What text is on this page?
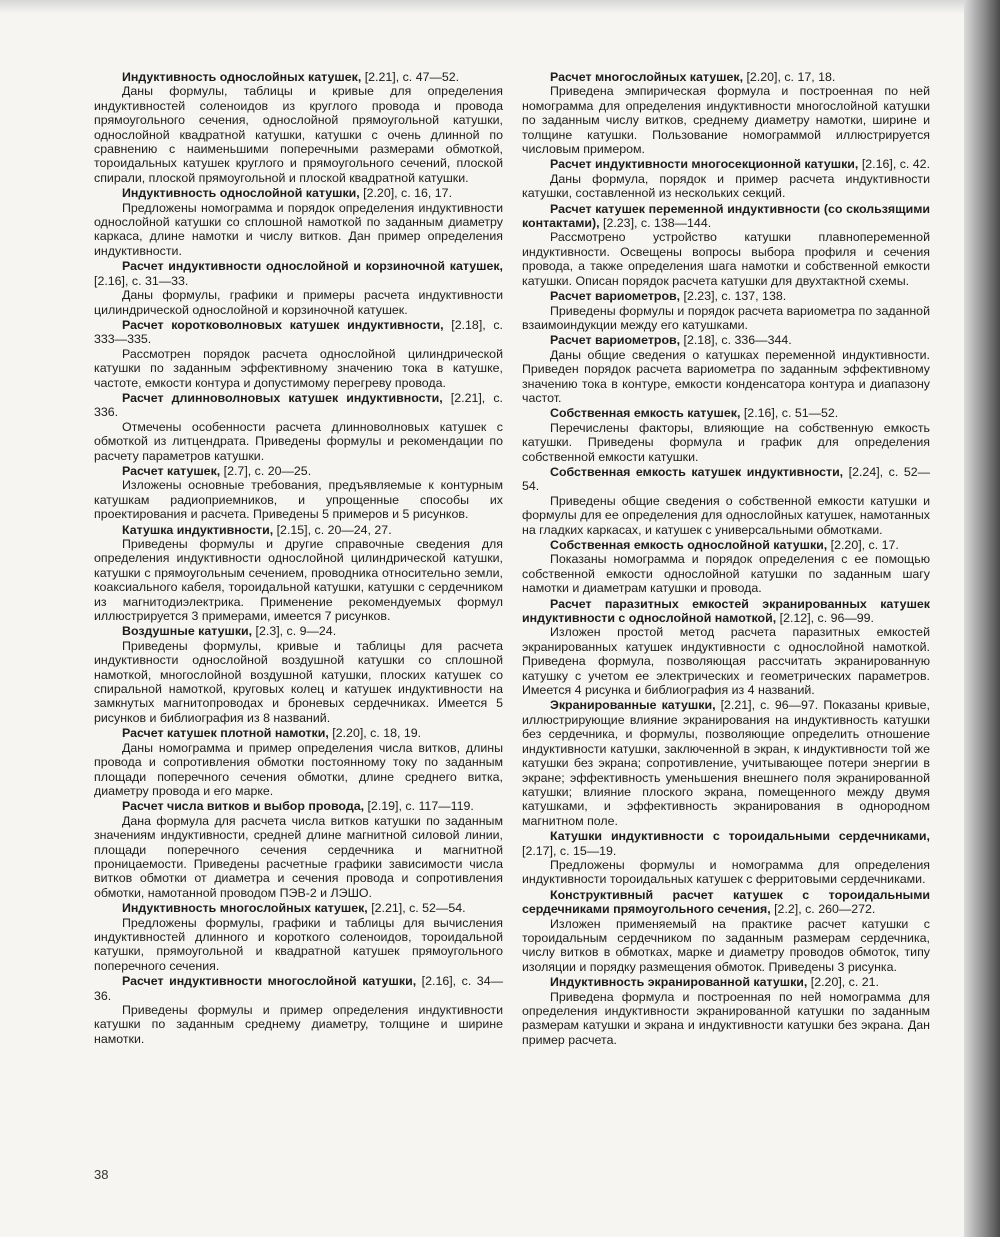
Индуктивность однослойных катушек, [2.21], с. 47—52.
Даны формулы, таблицы и кривые для определения индуктивностей соленоидов из круглого провода и провода прямоугольного сечения, однослойной прямоугольной катушки, однослойной квадратной катушки, катушки с очень длинной по сравнению с наименьшими поперечными размерами обмоткой, тороидальных катушек круглого и прямоугольного сечений, плоской спирали, плоской прямоугольной и плоской квадратной катушки.
Индуктивность однослойной катушки, [2.20], с. 16, 17.
Предложены номограмма и порядок определения индуктивности однослойной катушки со сплошной намоткой по заданным диаметру каркаса, длине намотки и числу витков. Дан пример определения индуктивности.
Расчет индуктивности однослойной и корзиночной катушек, [2.16], с. 31—33.
Даны формулы, графики и примеры расчета индуктивности цилиндрической однослойной и корзиночной катушек.
Расчет коротковолновых катушек индуктивности, [2.18], с. 333—335.
Рассмотрен порядок расчета однослойной цилиндрической катушки по заданным эффективному значению тока в катушке, частоте, емкости контура и допустимому перегреву провода.
Расчет длинноволновых катушек индуктивности, [2.21], с. 336.
Отмечены особенности расчета длинноволновых катушек с обмоткой из литцендрата. Приведены формулы и рекомендации по расчету параметров катушки.
Расчет катушек, [2.7], с. 20—25.
Изложены основные требования, предъявляемые к контурным катушкам радиоприемников, и упрощенные способы их проектирования и расчета. Приведены 5 примеров и 5 рисунков.
Катушка индуктивности, [2.15], с. 20—24, 27.
Приведены формулы и другие справочные сведения для определения индуктивности однослойной цилиндрической катушки, катушки с прямоугольным сечением, проводника относительно земли, коаксиального кабеля, тороидальной катушки, катушки с сердечником из магнитодиэлектрика. Применение рекомендуемых формул иллюстрируется 3 примерами, имеется 7 рисунков.
Воздушные катушки, [2.3], с. 9—24.
Приведены формулы, кривые и таблицы для расчета индуктивности однослойной воздушной катушки со сплошной намоткой, многослойной воздушной катушки, плоских катушек со спиральной намоткой, круговых колец и катушек индуктивности на замкнутых магнитопроводах и броневых сердечниках. Имеется 5 рисунков и библиография из 8 названий.
Расчет катушек плотной намотки, [2.20], с. 18, 19.
Даны номограмма и пример определения числа витков, длины провода и сопротивления обмотки постоянному току по заданным площади поперечного сечения обмотки, длине среднего витка, диаметру провода и его марке.
Расчет числа витков и выбор провода, [2.19], с. 117—119.
Дана формула для расчета числа витков катушки по заданным значениям индуктивности, средней длине магнитной силовой линии, площади поперечного сечения сердечника и магнитной проницаемости. Приведены расчетные графики зависимости числа витков обмотки от диаметра и сечения провода и сопротивления обмотки, намотанной проводом ПЭВ-2 и ЛЭШО.
Индуктивность многослойных катушек, [2.21], с. 52—54.
Предложены формулы, графики и таблицы для вычисления индуктивностей длинного и короткого соленоидов, тороидальной катушки, прямоугольной и квадратной катушек прямоугольного поперечного сечения.
Расчет индуктивности многослойной катушки, [2.16], с. 34—36.
Приведены формулы и пример определения индуктивности катушки по заданным среднему диаметру, толщине и ширине намотки.
Расчет многослойных катушек, [2.20], с. 17, 18.
Приведена эмпирическая формула и построенная по ней номограмма для определения индуктивности многослойной катушки по заданным числу витков, среднему диаметру намотки, ширине и толщине катушки. Пользование номограммой иллюстрируется числовым примером.
Расчет индуктивности многосекционной катушки, [2.16], с. 42.
Даны формула, порядок и пример расчета индуктивности катушки, составленной из нескольких секций.
Расчет катушек переменной индуктивности (со скользящими контактами), [2.23], с. 138—144.
Рассмотрено устройство катушки плавнопеременной индуктивности. Освещены вопросы выбора профиля и сечения провода, а также определения шага намотки и собственной емкости катушки. Описан порядок расчета катушки для двухтактной схемы.
Расчет вариометров, [2.23], с. 137, 138.
Приведены формулы и порядок расчета вариометра по заданной взаимоиндукции между его катушками.
Расчет вариометров, [2.18], с. 336—344.
Даны общие сведения о катушках переменной индуктивности. Приведен порядок расчета вариометра по заданным эффективному значению тока в контуре, емкости конденсатора контура и диапазону частот.
Собственная емкость катушек, [2.16], с. 51—52.
Перечислены факторы, влияющие на собственную емкость катушки. Приведены формула и график для определения собственной емкости катушки.
Собственная емкость катушек индуктивности, [2.24], с. 52—54.
Приведены общие сведения о собственной емкости катушки и формулы для ее определения для однослойных катушек, намотанных на гладких каркасах, и катушек с универсальными обмотками.
Собственная емкость однослойной катушки, [2.20], с. 17.
Показаны номограмма и порядок определения с ее помощью собственной емкости однослойной катушки по заданным шагу намотки и диаметрам катушки и провода.
Расчет паразитных емкостей экранированных катушек индуктивности с однослойной намоткой, [2.12], с. 96—99.
Изложен простой метод расчета паразитных емкостей экранированных катушек индуктивности с однослойной намоткой. Приведена формула, позволяющая рассчитать экранированную катушку с учетом ее электрических и геометрических параметров. Имеется 4 рисунка и библиография из 4 названий.
Экранированные катушки, [2.21], с. 96—97. Показаны кривые, иллюстрирующие влияние экранирования на индуктивность катушки без сердечника, и формулы, позволяющие определить отношение индуктивности катушки, заключенной в экран, к индуктивности той же катушки без экрана; сопротивление, учитывающее потери энергии в экране; эффективность уменьшения внешнего поля экранированной катушки; влияние плоского экрана, помещенного между двумя катушками, и эффективность экранирования в однородном магнитном поле.
Катушки индуктивности с тороидальными сердечниками, [2.17], с. 15—19.
Предложены формулы и номограмма для определения индуктивности тороидальных катушек с ферритовыми сердечниками.
Конструктивный расчет катушек с тороидальными сердечниками прямоугольного сечения, [2.2], с. 260—272.
Изложен применяемый на практике расчет катушки с тороидальным сердечником по заданным размерам сердечника, числу витков в обмотках, марке и диаметру проводов обмоток, типу изоляции и порядку размещения обмоток. Приведены 3 рисунка.
Индуктивность экранированной катушки, [2.20], с. 21.
Приведена формула и построенная по ней номограмма для определения индуктивности экранированной катушки по заданным размерам катушки и экрана и индуктивности катушки без экрана. Дан пример расчета.
38
